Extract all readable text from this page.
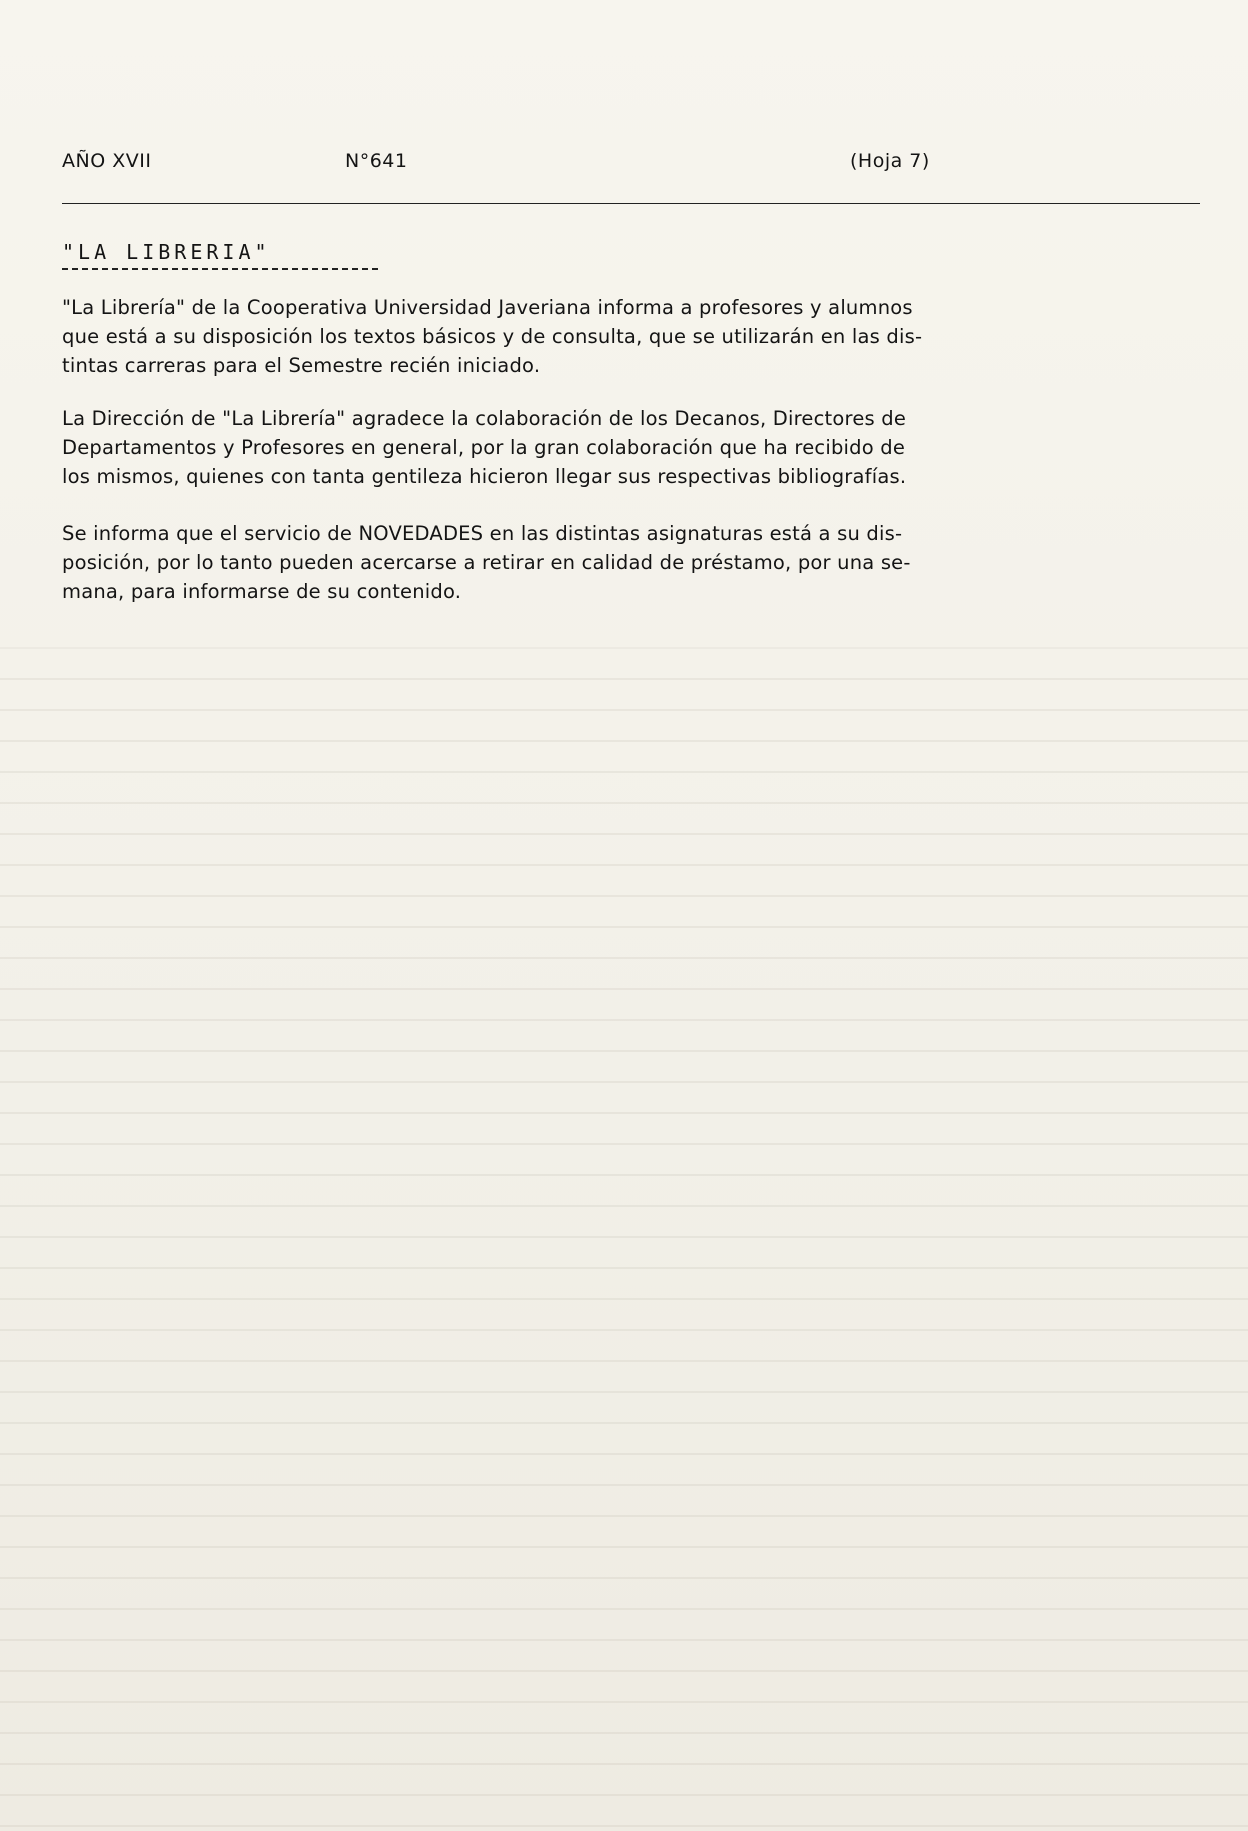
AÑO XVII	N°641	(Hoja 7)
"LA LIBRERIA"
"La Librería" de la Cooperativa Universidad Javeriana informa a profesores y alumnos
que está a su disposición los textos básicos y de consulta, que se utilizarán en las dis-
tintas carreras para el Semestre recién iniciado.
La Dirección de "La Librería" agradece la colaboración de los Decanos, Directores de
Departamentos y Profesores en general, por la gran colaboración que ha recibido de
los mismos, quienes con tanta gentileza hicieron llegar sus respectivas bibliografías.
Se informa que el servicio de NOVEDADES en las distintas asignaturas está a su dis-
posición, por lo tanto pueden acercarse a retirar en calidad de préstamo, por una se-
mana, para informarse de su contenido.
